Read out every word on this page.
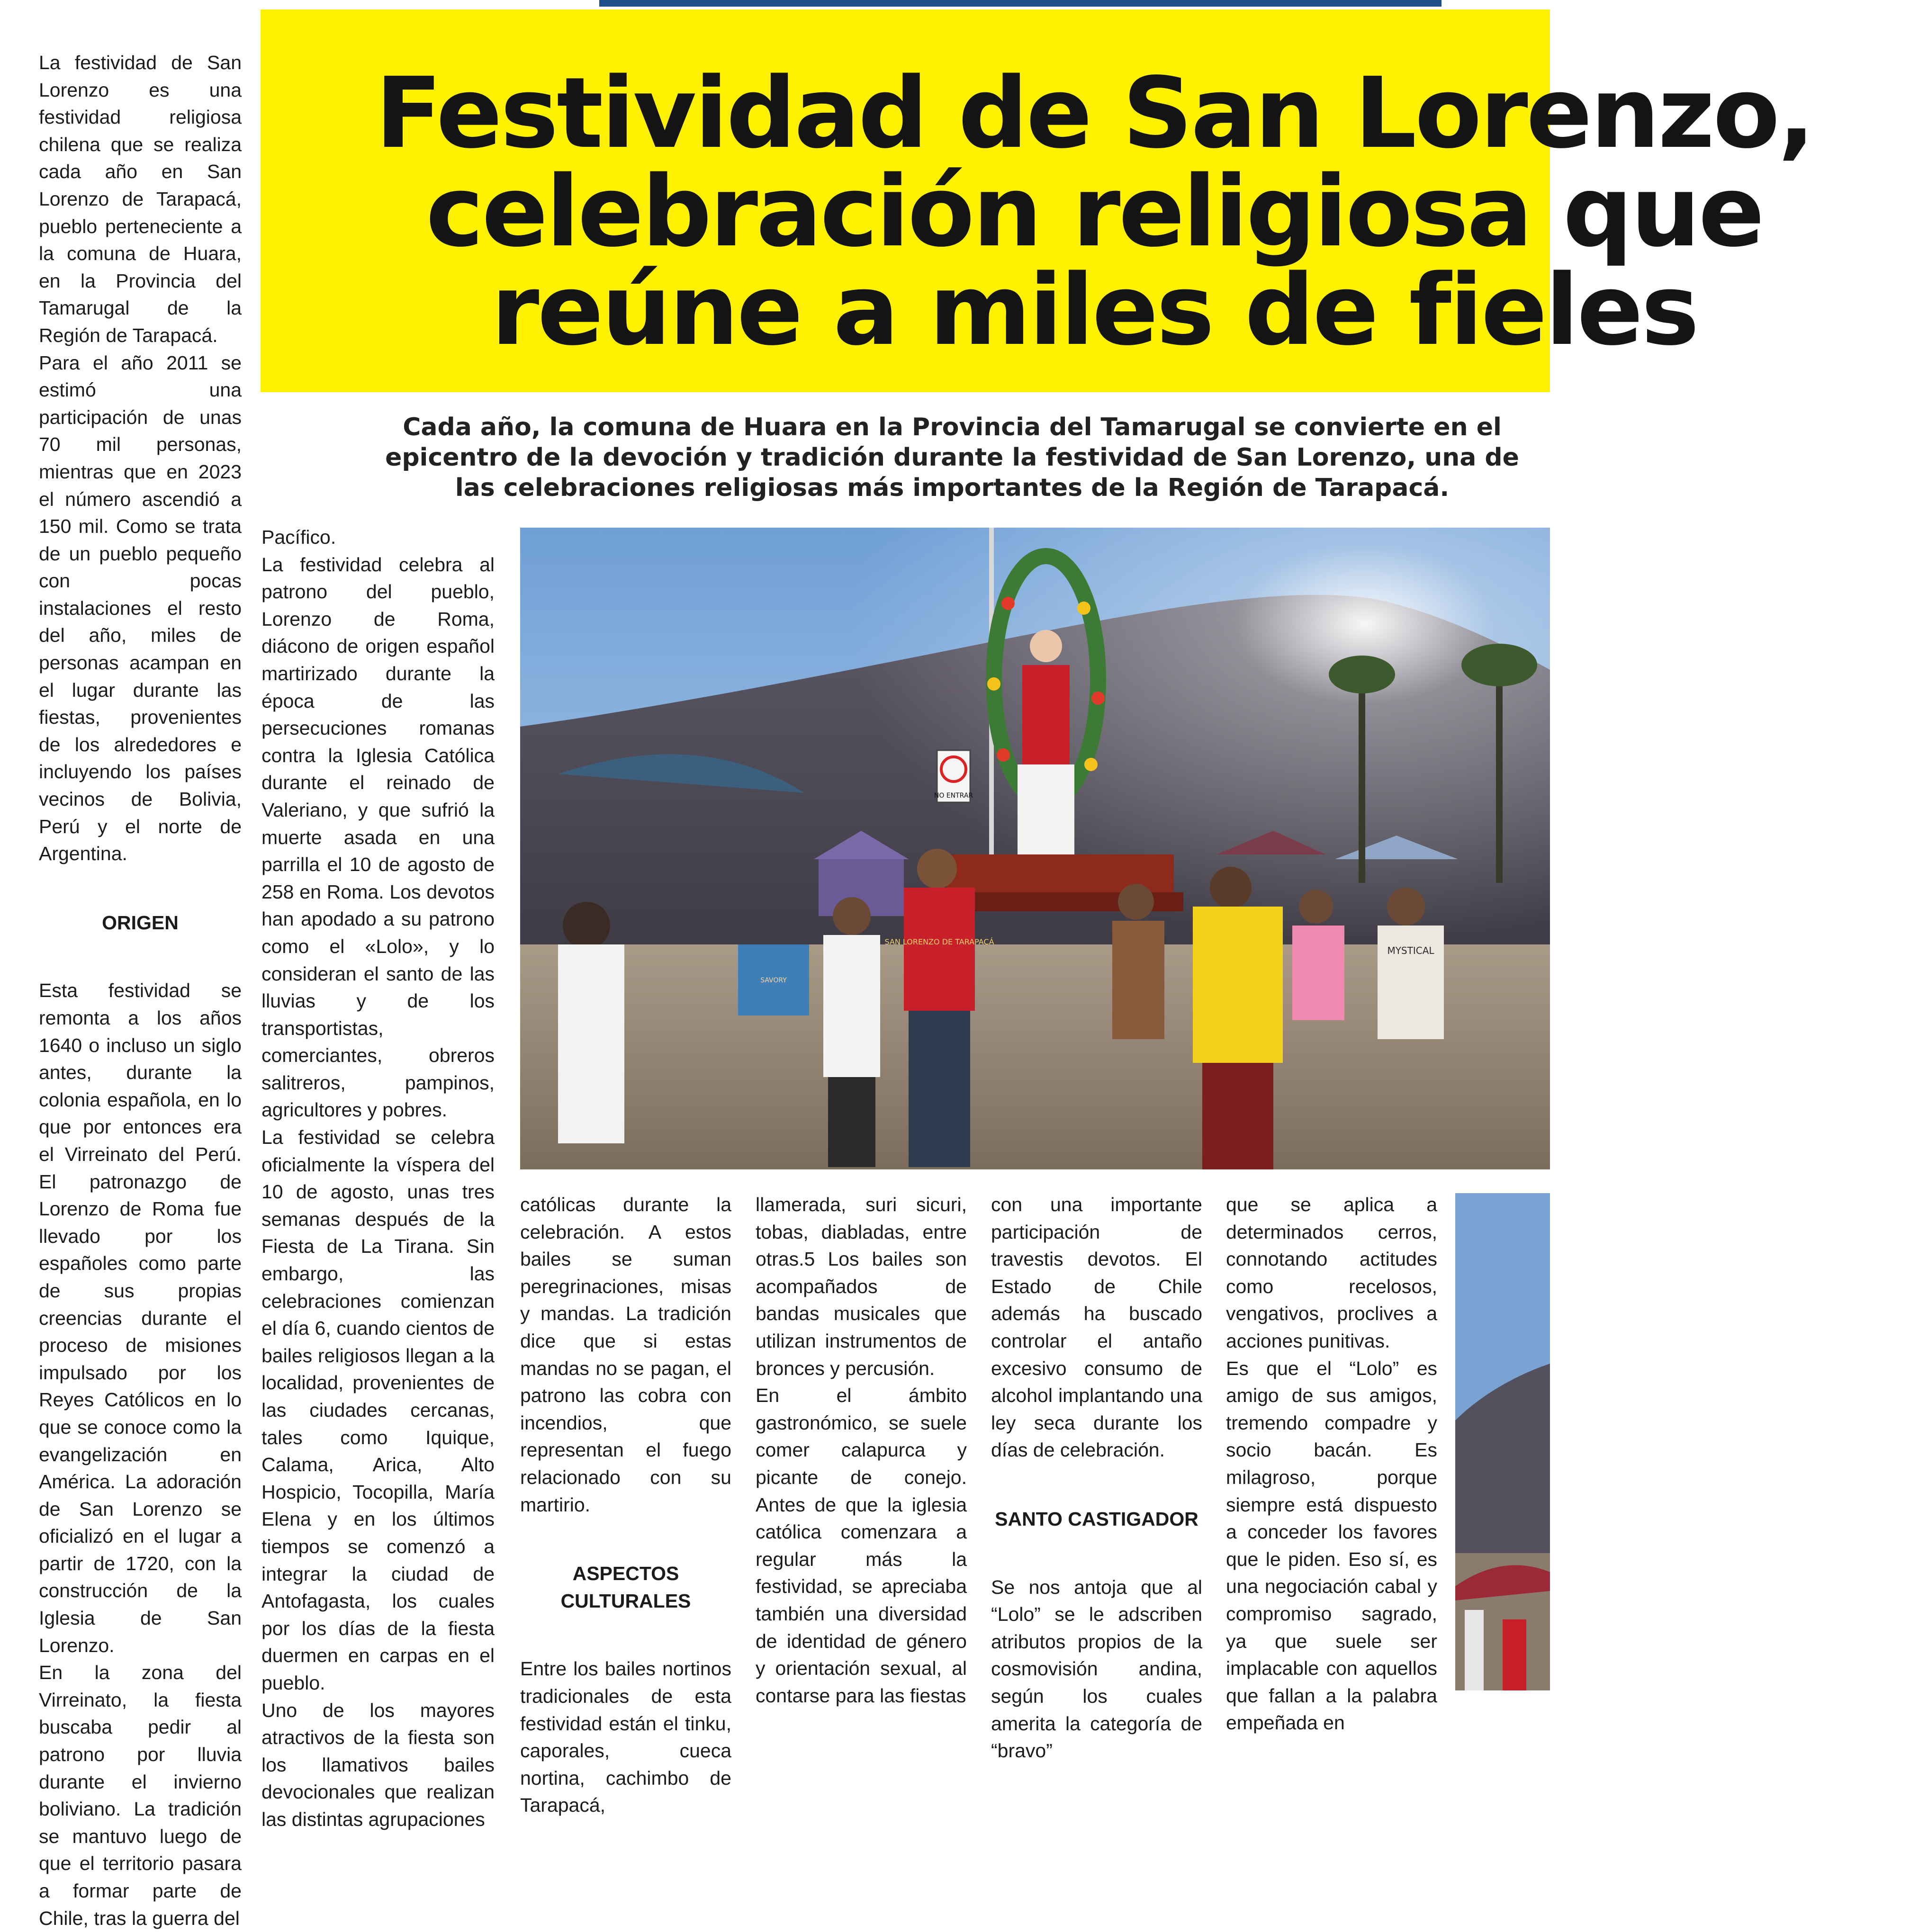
Festividad de San Lorenzo,
celebración religiosa que
reúne a miles de fieles

Cada año, la comuna de Huara en la Provincia del Tamarugal se convierte en el epicentro de la devoción y tradición durante la festividad de San Lorenzo, una de las celebraciones religiosas más importantes de la Región de Tarapacá.

La festividad de San Lorenzo es una festividad religiosa chilena que se realiza cada año en San Lorenzo de Tarapacá, pueblo perteneciente a la comuna de Huara, en la Provincia del Tamarugal de la Región de Tarapacá.

Para el año 2011 se estimó una participación de unas 70 mil personas, mientras que en 2023 el número ascendió a 150 mil. Como se trata de un pueblo pequeño con pocas instalaciones el resto del año, miles de personas acampan en el lugar durante las fiestas, provenientes de los alrededores e incluyendo los países vecinos de Bolivia, Perú y el norte de Argentina.

ORIGEN

Esta festividad se remonta a los años 1640 o incluso un siglo antes, durante la colonia española, en lo que por entonces era el Virreinato del Perú. El patronazgo de Lorenzo de Roma fue llevado por los españoles como parte de sus propias creencias durante el proceso de misiones impulsado por los Reyes Católicos en lo que se conoce como la evangelización en América. La adoración de San Lorenzo se oficializó en el lugar a partir de 1720, con la construcción de la Iglesia de San Lorenzo.

En la zona del Virreinato, la fiesta buscaba pedir al patrono por lluvia durante el invierno boliviano. La tradición se mantuvo luego de que el territorio pasara a formar parte de Chile, tras la guerra del

Pacífico.

La festividad celebra al patrono del pueblo, Lorenzo de Roma, diácono de origen español martirizado durante la época de las persecuciones romanas contra la Iglesia Católica durante el reinado de Valeriano, y que sufrió la muerte asada en una parrilla el 10 de agosto de 258 en Roma. Los devotos han apodado a su patrono como el «Lolo», y lo consideran el santo de las lluvias y de los transportistas, comerciantes, obreros salitreros, pampinos, agricultores y pobres.

La festividad se celebra oficialmente la víspera del 10 de agosto, unas tres semanas después de la Fiesta de La Tirana. Sin embargo, las celebraciones comienzan el día 6, cuando cientos de bailes religiosos llegan a la localidad, provenientes de las ciudades cercanas, tales como Iquique, Calama, Arica, Alto Hospicio, Tocopilla, María Elena y en los últimos tiempos se comenzó a integrar la ciudad de Antofagasta, los cuales por los días de la fiesta duermen en carpas en el pueblo.

Uno de los mayores atractivos de la fiesta son los llamativos bailes devocionales que realizan las distintas agrupaciones

NO ENTRAR
SAN LORENZO DE TARAPACÁ
MYSTICAL
SAVORY

católicas durante la celebración. A estos bailes se suman peregrinaciones, misas y mandas. La tradición dice que si estas mandas no se pagan, el patrono las cobra con incendios, que representan el fuego relacionado con su martirio.

ASPECTOS CULTURALES

Entre los bailes nortinos tradicionales de esta festividad están el tinku, caporales, cueca nortina, cachimbo de Tarapacá,

llamerada, suri sicuri, tobas, diabladas, entre otras.5 Los bailes son acompañados de bandas musicales que utilizan instrumentos de bronces y percusión.

En el ámbito gastronómico, se suele comer calapurca y picante de conejo. Antes de que la iglesia católica comenzara a regular más la festividad, se apreciaba también una diversidad de identidad de género y orientación sexual, al contarse para las fiestas

con una importante participación de travestis devotos. El Estado de Chile además ha buscado controlar el antaño excesivo consumo de alcohol implantando una ley seca durante los días de celebración.

SANTO CASTIGADOR

Se nos antoja que al “Lolo” se le adscriben atributos propios de la cosmovisión andina, según los cuales amerita la categoría de “bravo”

que se aplica a determinados cerros, connotando actitudes como recelosos, vengativos, proclives a acciones punitivas.

Es que el “Lolo” es amigo de sus amigos, tremendo compadre y socio bacán. Es milagroso, porque siempre está dispuesto a conceder los favores que le piden. Eso sí, es una negociación cabal y compromiso sagrado, ya que suele ser implacable con aquellos que fallan a la palabra empeñada en
